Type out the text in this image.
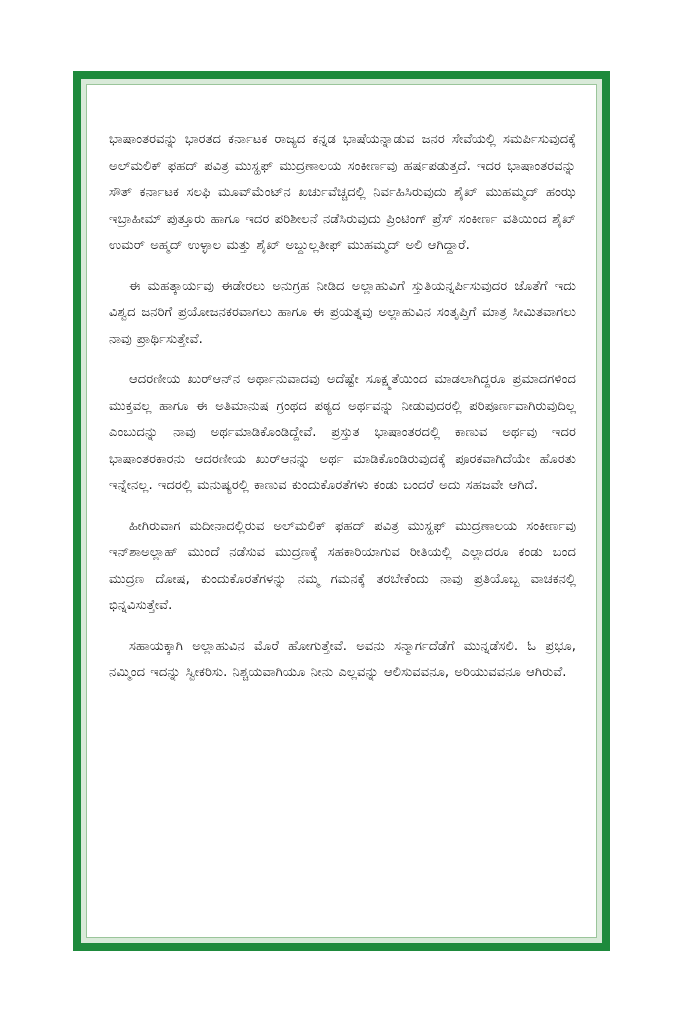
ಭಾಷಾಂತರವನ್ನು ಭಾರತದ ಕರ್ನಾಟಕ ರಾಜ್ಯದ ಕನ್ನಡ ಭಾಷೆಯನ್ನಾಡುವ ಜನರ ಸೇವೆಯಲ್ಲಿ ಸಮರ್ಪಿಸುವುದಕ್ಕೆ ಅಲ್‌ಮಲಿಕ್ ಫಹದ್ ಪವಿತ್ರ ಮುಸ್ಹಫ್ ಮುದ್ರಣಾಲಯ ಸಂಕೀರ್ಣವು ಹರ್ಷಪಡುತ್ತದೆ. ಇದರ ಭಾಷಾಂತರವನ್ನು ಸೌತ್ ಕರ್ನಾಟಕ ಸಲಫಿ ಮೂವ್‌ಮೆಂಟ್‌ನ ಖರ್ಚುವೆಚ್ಚದಲ್ಲಿ ನಿರ್ವಹಿಸಿರುವುದು ಶೈಖ್ ಮುಹಮ್ಮದ್ ಹಂಝ ಇಬ್ರಾಹೀಮ್ ಪುತ್ತೂರು ಹಾಗೂ ಇದರ ಪರಿಶೀಲನೆ ನಡೆಸಿರುವುದು ಪ್ರಿಂಟಿಂಗ್ ಪ್ರೆಸ್ ಸಂಕೀರ್ಣ ವತಿಯಿಂದ ಶೈಖ್ ಉಮರ್ ಅಹ್ಮದ್ ಉಳ್ಳಾಲ ಮತ್ತು ಶೈಖ್ ಅಬ್ದುಲ್ಲತೀಫ್ ಮುಹಮ್ಮದ್ ಅಲಿ ಆಗಿದ್ದಾರೆ.

ಈ ಮಹತ್ಕಾರ್ಯವು ಈಡೇರಲು ಅನುಗ್ರಹ ನೀಡಿದ ಅಲ್ಲಾಹುವಿಗೆ ಸ್ತುತಿಯನ್ನರ್ಪಿಸುವುದರ ಜೊತೆಗೆ ಇದು ವಿಶ್ವದ ಜನರಿಗೆ ಪ್ರಯೋಜನಕರವಾಗಲು ಹಾಗೂ ಈ ಪ್ರಯತ್ನವು ಅಲ್ಲಾಹುವಿನ ಸಂತೃಪ್ತಿಗೆ ಮಾತ್ರ ಸೀಮಿತವಾಗಲು ನಾವು ಪ್ರಾರ್ಥಿಸುತ್ತೇವೆ.

ಆದರಣೀಯ ಖುರ್‌ಆನ್‌ನ ಅರ್ಥಾನುವಾದವು ಅದೆಷ್ಟೇ ಸೂಕ್ಷ್ಮತೆಯಿಂದ ಮಾಡಲಾಗಿದ್ದರೂ ಪ್ರಮಾದಗಳಿಂದ ಮುಕ್ತವಲ್ಲ ಹಾಗೂ ಈ ಅತಿಮಾನುಷ ಗ್ರಂಥದ ಪಠ್ಯದ ಅರ್ಥವನ್ನು ನೀಡುವುದರಲ್ಲಿ ಪರಿಪೂರ್ಣವಾಗಿರುವುದಿಲ್ಲ ಎಂಬುದನ್ನು ನಾವು ಅರ್ಥಮಾಡಿಕೊಂಡಿದ್ದೇವೆ. ಪ್ರಸ್ತುತ ಭಾಷಾಂತರದಲ್ಲಿ ಕಾಣುವ ಅರ್ಥವು ಇದರ ಭಾಷಾಂತರಕಾರನು ಆದರಣೀಯ ಖುರ್‌ಆನನ್ನು ಅರ್ಥ ಮಾಡಿಕೊಂಡಿರುವುದಕ್ಕೆ ಪೂರಕವಾಗಿದೆಯೇ ಹೊರತು ಇನ್ನೇನಲ್ಲ. ಇದರಲ್ಲಿ ಮನುಷ್ಯರಲ್ಲಿ ಕಾಣುವ ಕುಂದುಕೊರತೆಗಳು ಕಂಡು ಬಂದರೆ ಅದು ಸಹಜವೇ ಆಗಿದೆ.

ಹೀಗಿರುವಾಗ ಮದೀನಾದಲ್ಲಿರುವ ಅಲ್‌ಮಲಿಕ್ ಫಹದ್ ಪವಿತ್ರ ಮುಸ್ಹಫ್ ಮುದ್ರಣಾಲಯ ಸಂಕೀರ್ಣವು ಇನ್‌ಶಾಅಲ್ಲಾಹ್ ಮುಂದೆ ನಡೆಸುವ ಮುದ್ರಣಕ್ಕೆ ಸಹಕಾರಿಯಾಗುವ ರೀತಿಯಲ್ಲಿ ಎಲ್ಲಾದರೂ ಕಂಡು ಬಂದ ಮುದ್ರಣ ದೋಷ, ಕುಂದುಕೊರತೆಗಳನ್ನು ನಮ್ಮ ಗಮನಕ್ಕೆ ತರಬೇಕೆಂದು ನಾವು ಪ್ರತಿಯೊಬ್ಬ ವಾಚಕನಲ್ಲಿ ಭಿನ್ನವಿಸುತ್ತೇವೆ.

ಸಹಾಯಕ್ಕಾಗಿ ಅಲ್ಲಾಹುವಿನ ಮೊರೆ ಹೋಗುತ್ತೇವೆ. ಅವನು ಸನ್ಮಾರ್ಗದೆಡೆಗೆ ಮುನ್ನಡೆಸಲಿ. ಓ ಪ್ರಭೂ, ನಮ್ಮಿಂದ ಇದನ್ನು ಸ್ವೀಕರಿಸು. ನಿಶ್ಚಯವಾಗಿಯೂ ನೀನು ಎಲ್ಲವನ್ನು ಆಲಿಸುವವನೂ, ಅರಿಯುವವನೂ ಆಗಿರುವೆ.
